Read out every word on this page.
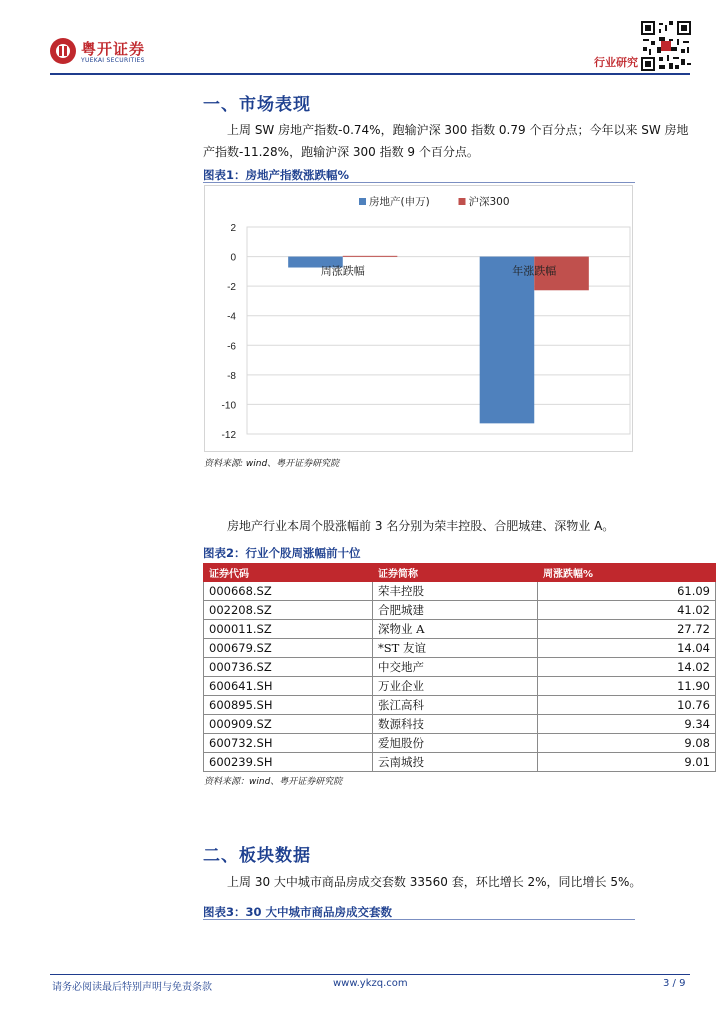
粤开证券
YUEKAI SECURITIES	行业研究
一、市场表现
上周 SW 房地产指数-0.74%，跑输沪深 300 指数 0.79 个百分点；今年以来 SW 房地产指数-11.28%，跑输沪深 300 指数 9 个百分点。
图表1：房地产指数涨跌幅%
2
0
-2
-4
-6
-8
-10
-12
周涨跌幅	年涨跌幅
房地产(申万)	沪深300
资料来源: wind、粤开证券研究院
房地产行业本周个股涨幅前 3 名分别为荣丰控股、合肥城建、深物业 A。
图表2：行业个股周涨幅前十位
证券代码	证券简称	周涨跌幅%
000668.SZ	荣丰控股	61.09
002208.SZ	合肥城建	41.02
000011.SZ	深物业 A	27.72
000679.SZ	*ST 友谊	14.04
000736.SZ	中交地产	14.02
600641.SH	万业企业	11.90
600895.SH	张江高科	10.76
000909.SZ	数源科技	9.34
600732.SH	爱旭股份	9.08
600239.SH	云南城投	9.01
资料来源：wind、粤开证券研究院
二、板块数据
上周 30 大中城市商品房成交套数 33560 套，环比增长 2%，同比增长 5%。
图表3：30 大中城市商品房成交套数
请务必阅读最后特别声明与免责条款	www.ykzq.com	3 / 9
